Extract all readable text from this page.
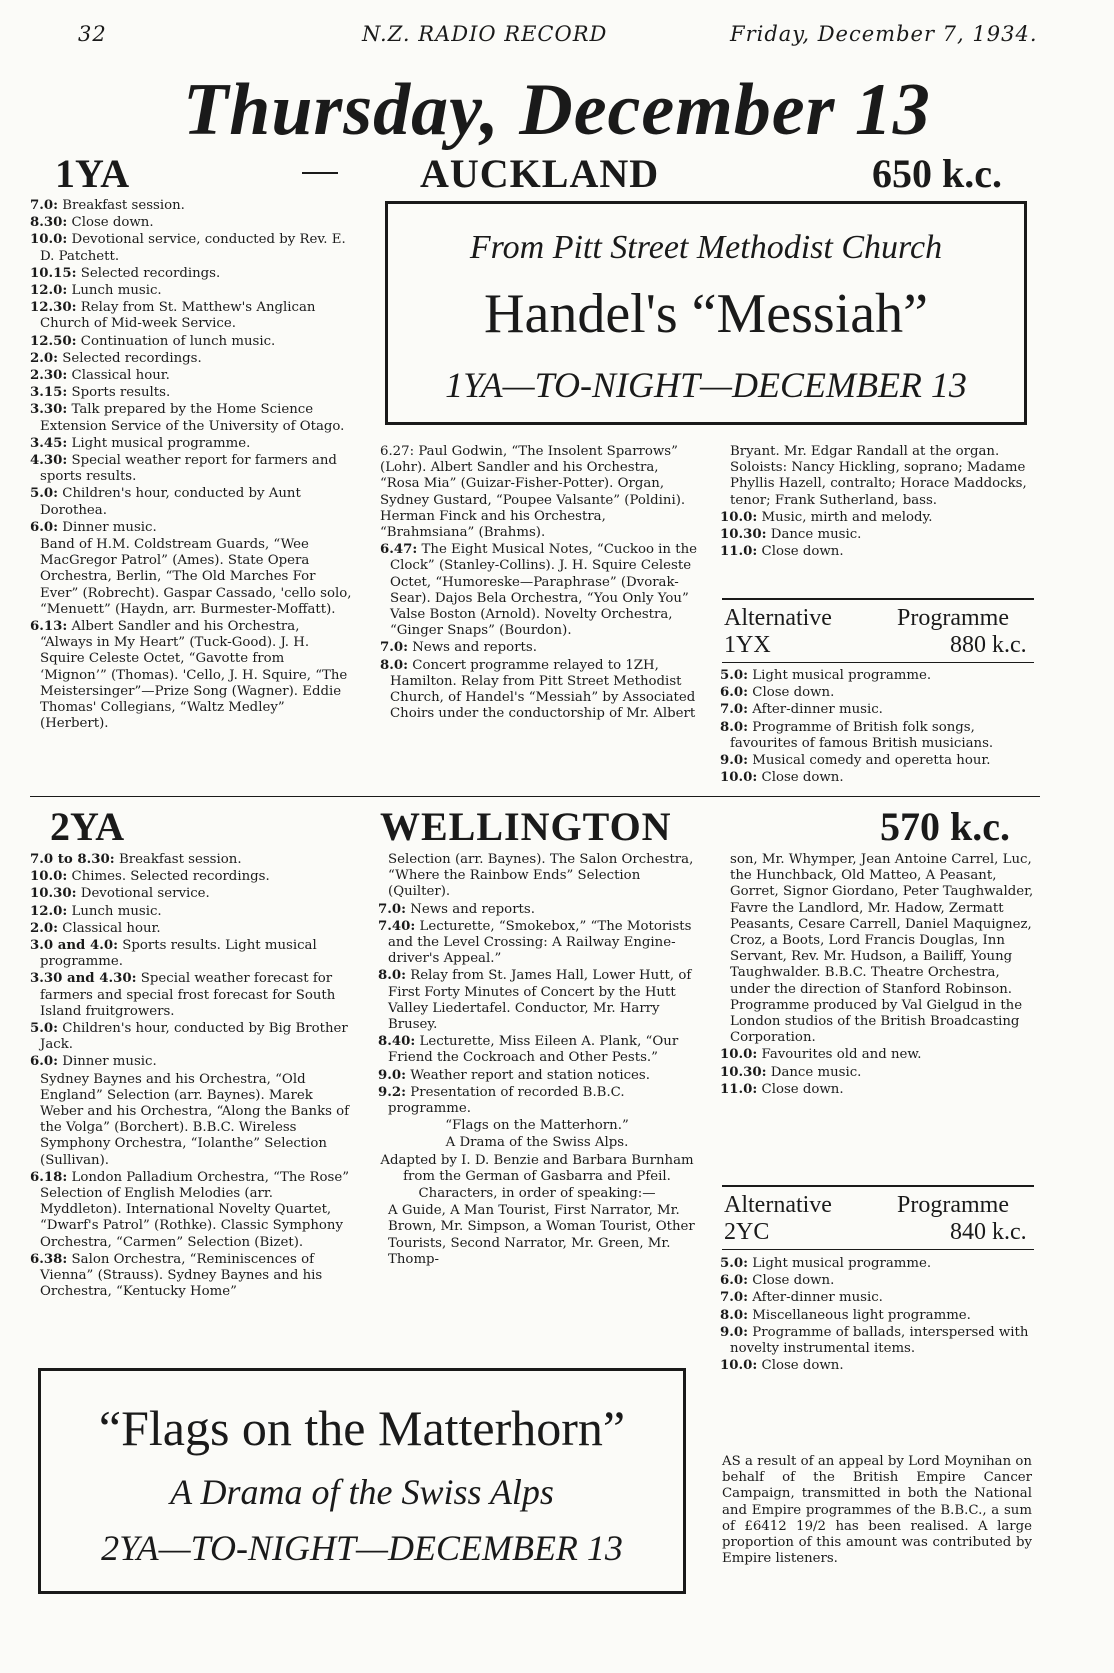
32	N.Z. RADIO RECORD	Friday, December 7, 1934.
Thursday, December 13
1YA	AUCKLAND	650 k.c.

7.0: Breakfast session.

8.30: Close down.

10.0: Devotional service, conducted by Rev. E. D. Patchett.

10.15: Selected recordings.

12.0: Lunch music.

12.30: Relay from St. Matthew's Anglican Church of Mid-week Service.

12.50: Continuation of lunch music.

2.0: Selected recordings.

2.30: Classical hour.

3.15: Sports results.

3.30: Talk prepared by the Home Science Extension Service of the University of Otago.

3.45: Light musical programme.

4.30: Special weather report for farmers and sports results.

5.0: Children's hour, conducted by Aunt Dorothea.

6.0: Dinner music.

Band of H.M. Coldstream Guards, “Wee MacGregor Patrol” (Ames). State Opera Orchestra, Berlin, “The Old Marches For Ever” (Robrecht). Gaspar Cassado, 'cello solo, “Menuett” (Haydn, arr. Burmester-Moffatt).

6.13: Albert Sandler and his Orchestra, “Always in My Heart” (Tuck-Good). J. H. Squire Celeste Octet, “Gavotte from ‘Mignon’” (Thomas). 'Cello, J. H. Squire, “The Meistersinger”—Prize Song (Wagner). Eddie Thomas' Collegians, “Waltz Medley” (Herbert).

From Pitt Street Methodist Church
Handel's “Messiah”
1YA—TO-NIGHT—DECEMBER 13

6.27: Paul Godwin, “The Insolent Sparrows” (Lohr). Albert Sandler and his Orchestra, “Rosa Mia” (Guizar-Fisher-Potter). Organ, Sydney Gustard, “Poupee Valsante” (Poldini). Herman Finck and his Orchestra, “Brahmsiana” (Brahms).

6.47: The Eight Musical Notes, “Cuckoo in the Clock” (Stanley-Collins). J. H. Squire Celeste Octet, “Humoreske—Paraphrase” (Dvorak-Sear). Dajos Bela Orchestra, “You Only You” Valse Boston (Arnold). Novelty Orchestra, “Ginger Snaps” (Bourdon).

7.0: News and reports.

8.0: Concert programme relayed to 1ZH, Hamilton. Relay from Pitt Street Methodist Church, of Handel's “Messiah” by Associated Choirs under the conductorship of Mr. Albert

Bryant. Mr. Edgar Randall at the organ. Soloists: Nancy Hickling, soprano; Madame Phyllis Hazell, contralto; Horace Maddocks, tenor; Frank Sutherland, bass.

10.0: Music, mirth and melody.

10.30: Dance music.

11.0: Close down.

Alternative	Programme
1YX	880 k.c.

5.0: Light musical programme.

6.0: Close down.

7.0: After-dinner music.

8.0: Programme of British folk songs, favourites of famous British musicians.

9.0: Musical comedy and operetta hour.

10.0: Close down.

2YA	WELLINGTON	570 k.c.

7.0 to 8.30: Breakfast session.

10.0: Chimes. Selected recordings.

10.30: Devotional service.

12.0: Lunch music.

2.0: Classical hour.

3.0 and 4.0: Sports results. Light musical programme.

3.30 and 4.30: Special weather forecast for farmers and special frost forecast for South Island fruitgrowers.

5.0: Children's hour, conducted by Big Brother Jack.

6.0: Dinner music.

Sydney Baynes and his Orchestra, “Old England” Selection (arr. Baynes). Marek Weber and his Orchestra, “Along the Banks of the Volga” (Borchert). B.B.C. Wireless Symphony Orchestra, “Iolanthe” Selection (Sullivan).

6.18: London Palladium Orchestra, “The Rose” Selection of English Melodies (arr. Myddleton). International Novelty Quartet, “Dwarf's Patrol” (Rothke). Classic Symphony Orchestra, “Carmen” Selection (Bizet).

6.38: Salon Orchestra, “Reminiscences of Vienna” (Strauss). Sydney Baynes and his Orchestra, “Kentucky Home”

Selection (arr. Baynes). The Salon Orchestra, “Where the Rainbow Ends” Selection (Quilter).

7.0: News and reports.

7.40: Lecturette, “Smokebox,” “The Motorists and the Level Crossing: A Railway Engine-driver's Appeal.”

8.0: Relay from St. James Hall, Lower Hutt, of First Forty Minutes of Concert by the Hutt Valley Liedertafel. Conductor, Mr. Harry Brusey.

8.40: Lecturette, Miss Eileen A. Plank, “Our Friend the Cockroach and Other Pests.”

9.0: Weather report and station notices.

9.2: Presentation of recorded B.B.C. programme.

“Flags on the Matterhorn.”

A Drama of the Swiss Alps.

Adapted by I. D. Benzie and Barbara Burnham from the German of Gasbarra and Pfeil.

Characters, in order of speaking:—

A Guide, A Man Tourist, First Narrator, Mr. Brown, Mr. Simpson, a Woman Tourist, Other Tourists, Second Narrator, Mr. Green, Mr. Thomp-

son, Mr. Whymper, Jean Antoine Carrel, Luc, the Hunchback, Old Matteo, A Peasant, Gorret, Signor Giordano, Peter Taughwalder, Favre the Landlord, Mr. Hadow, Zermatt Peasants, Cesare Carrell, Daniel Maquignez, Croz, a Boots, Lord Francis Douglas, Inn Servant, Rev. Mr. Hudson, a Bailiff, Young Taughwalder. B.B.C. Theatre Orchestra, under the direction of Stanford Robinson. Programme produced by Val Gielgud in the London studios of the British Broadcasting Corporation.

10.0: Favourites old and new.

10.30: Dance music.

11.0: Close down.

Alternative	Programme
2YC	840 k.c.

5.0: Light musical programme.

6.0: Close down.

7.0: After-dinner music.

8.0: Miscellaneous light programme.

9.0: Programme of ballads, interspersed with novelty instrumental items.

10.0: Close down.

“Flags on the Matterhorn”
A Drama of the Swiss Alps
2YA—TO-NIGHT—DECEMBER 13
AS a result of an appeal by Lord Moynihan on behalf of the British Empire Cancer Campaign, transmitted in both the National and Empire programmes of the B.B.C., a sum of £6412 19/2 has been realised. A large proportion of this amount was contributed by Empire listeners.
